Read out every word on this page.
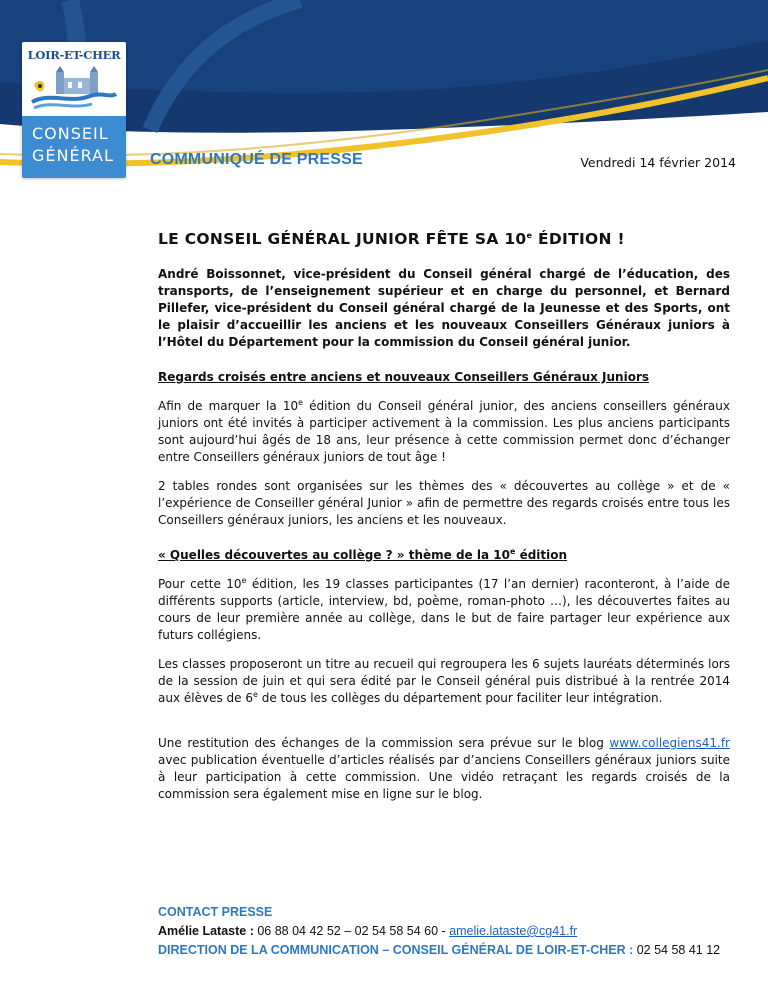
LOIR-ET-CHER
CONSEIL
GÉNÉRAL COMMUNIQUÉ DE PRESSE	Vendredi 14 février 2014
LE CONSEIL GÉNÉRAL JUNIOR FÊTE SA 10e ÉDITION !

André Boissonnet, vice-président du Conseil général chargé de l’éducation, des transports, de l’enseignement supérieur et en charge du personnel, et Bernard Pillefer, vice-président du Conseil général chargé de la Jeunesse et des Sports, ont le plaisir d’accueillir les anciens et les nouveaux Conseillers Généraux juniors à l’Hôtel du Département pour la commission du Conseil général junior.

Regards croisés entre anciens et nouveaux Conseillers Généraux Juniors

Afin de marquer la 10e édition du Conseil général junior, des anciens conseillers généraux juniors ont été invités à participer activement à la commission. Les plus anciens participants sont aujourd’hui âgés de 18 ans, leur présence à cette commission permet donc d’échanger entre Conseillers généraux juniors de tout âge !

2 tables rondes sont organisées sur les thèmes des « découvertes au collège » et de « l’expérience de Conseiller général Junior » afin de permettre des regards croisés entre tous les Conseillers généraux juniors, les anciens et les nouveaux.

« Quelles découvertes au collège ? » thème de la 10e édition

Pour cette 10e édition, les 19 classes participantes (17 l’an dernier) raconteront, à l’aide de différents supports (article, interview, bd, poème, roman-photo …), les découvertes faites au cours de leur première année au collège, dans le but de faire partager leur expérience aux futurs collégiens.

Les classes proposeront un titre au recueil qui regroupera les 6 sujets lauréats déterminés lors de la session de juin et qui sera édité par le Conseil général puis distribué à la rentrée 2014 aux élèves de 6e de tous les collèges du département pour faciliter leur intégration.

Une restitution des échanges de la commission sera prévue sur le blog www.collegiens41.fr avec publication éventuelle d’articles réalisés par d’anciens Conseillers généraux juniors suite à leur participation à cette commission. Une vidéo retraçant les regards croisés de la commission sera également mise en ligne sur le blog.

CONTACT PRESSE
Amélie Lataste : 06 88 04 42 52 – 02 54 58 54 60 - amelie.lataste@cg41.fr
DIRECTION DE LA COMMUNICATION – CONSEIL GÉNÉRAL DE LOIR-ET-CHER : 02 54 58 41 12
